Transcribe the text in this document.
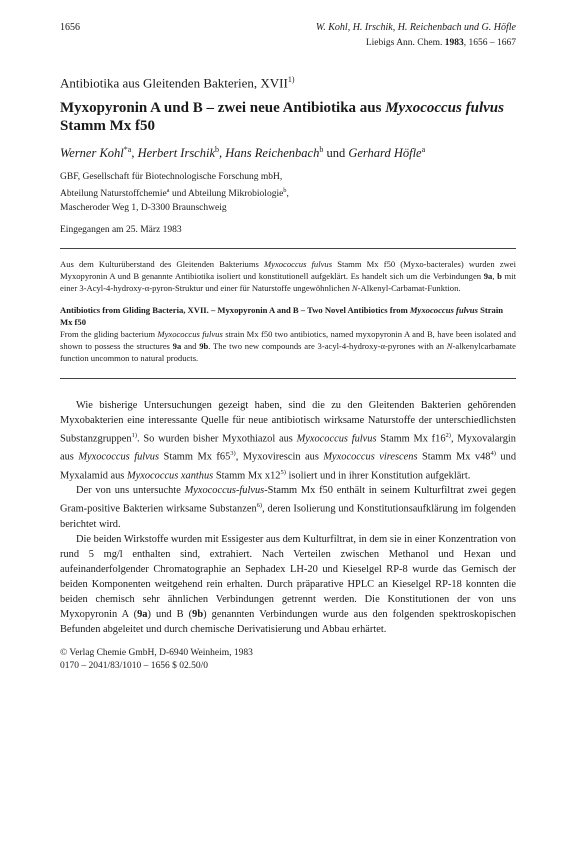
1656	W. Kohl, H. Irschik, H. Reichenbach und G. Höfle
Liebigs Ann. Chem. 1983, 1656 – 1667
Antibiotika aus Gleitenden Bakterien, XVII$^{1)}$
Myxopyronin A und B – zwei neue Antibiotika aus Myxococcus fulvus Stamm Mx f50
Werner Kohl$^{*a}$, Herbert Irschik$^b$, Hans Reichenbach$^b$ und Gerhard Höfle$^a$
GBF, Gesellschaft für Biotechnologische Forschung mbH,
Abteilung Naturstoffchemie$^a$ und Abteilung Mikrobiologie$^b$,
Mascheroder Weg 1, D-3300 Braunschweig
Eingegangen am 25. März 1983
Aus dem Kulturüberstand des Gleitenden Bakteriums Myxococcus fulvus Stamm Mx f50 (Myxo-bacterales) wurden zwei Myxopyronin A und B genannte Antibiotika isoliert und konstitutionell aufgeklärt. Es handelt sich um die Verbindungen 9a, b mit einer 3-Acyl-4-hydroxy-α-pyron-Struktur und einer für Naturstoffe ungewöhnlichen N-Alkenyl-Carbamat-Funktion.
Antibiotics from Gliding Bacteria, XVII. – Myxopyronin A and B – Two Novel Antibiotics from Myxococcus fulvus Strain Mx f50
From the gliding bacterium Myxococcus fulvus strain Mx f50 two antibiotics, named myxopyronin A and B, have been isolated and shown to possess the structures 9a and 9b. The two new compounds are 3-acyl-4-hydroxy-α-pyrones with an N-alkenylcarbamate function uncommon to natural products.

Wie bisherige Untersuchungen gezeigt haben, sind die zu den Gleitenden Bakterien gehörenden Myxobakterien eine interessante Quelle für neue antibiotisch wirksame Naturstoffe der unterschiedlichsten Substanzgruppen$^{1)}$. So wurden bisher Myxothiazol aus Myxococcus fulvus Stamm Mx f16$^{2)}$, Myxovalargin aus Myxococcus fulvus Stamm Mx f65$^{3)}$, Myxovirescin aus Myxococcus virescens Stamm Mx v48$^{4)}$ und Myxalamid aus Myxococcus xanthus Stamm Mx x12$^{5)}$ isoliert und in ihrer Konstitution aufgeklärt.

Der von uns untersuchte Myxococcus-fulvus-Stamm Mx f50 enthält in seinem Kulturfiltrat zwei gegen Gram-positive Bakterien wirksame Substanzen$^{6)}$, deren Isolierung und Konstitutionsaufklärung im folgenden berichtet wird.

Die beiden Wirkstoffe wurden mit Essigester aus dem Kulturfiltrat, in dem sie in einer Konzentration von rund 5 mg/l enthalten sind, extrahiert. Nach Verteilen zwischen Methanol und Hexan und aufeinanderfolgender Chromatographie an Sephadex LH-20 und Kieselgel RP-8 wurde das Gemisch der beiden Komponenten weitgehend rein erhalten. Durch präparative HPLC an Kieselgel RP-18 konnten die beiden chemisch sehr ähnlichen Verbindungen getrennt werden. Die Konstitutionen der von uns Myxopyronin A (9a) und B (9b) genannten Verbindungen wurde aus den folgenden spektroskopischen Befunden abgeleitet und durch chemische Derivatisierung und Abbau erhärtet.

© Verlag Chemie GmbH, D-6940 Weinheim, 1983
0170 – 2041/83/1010 – 1656 $ 02.50/0
